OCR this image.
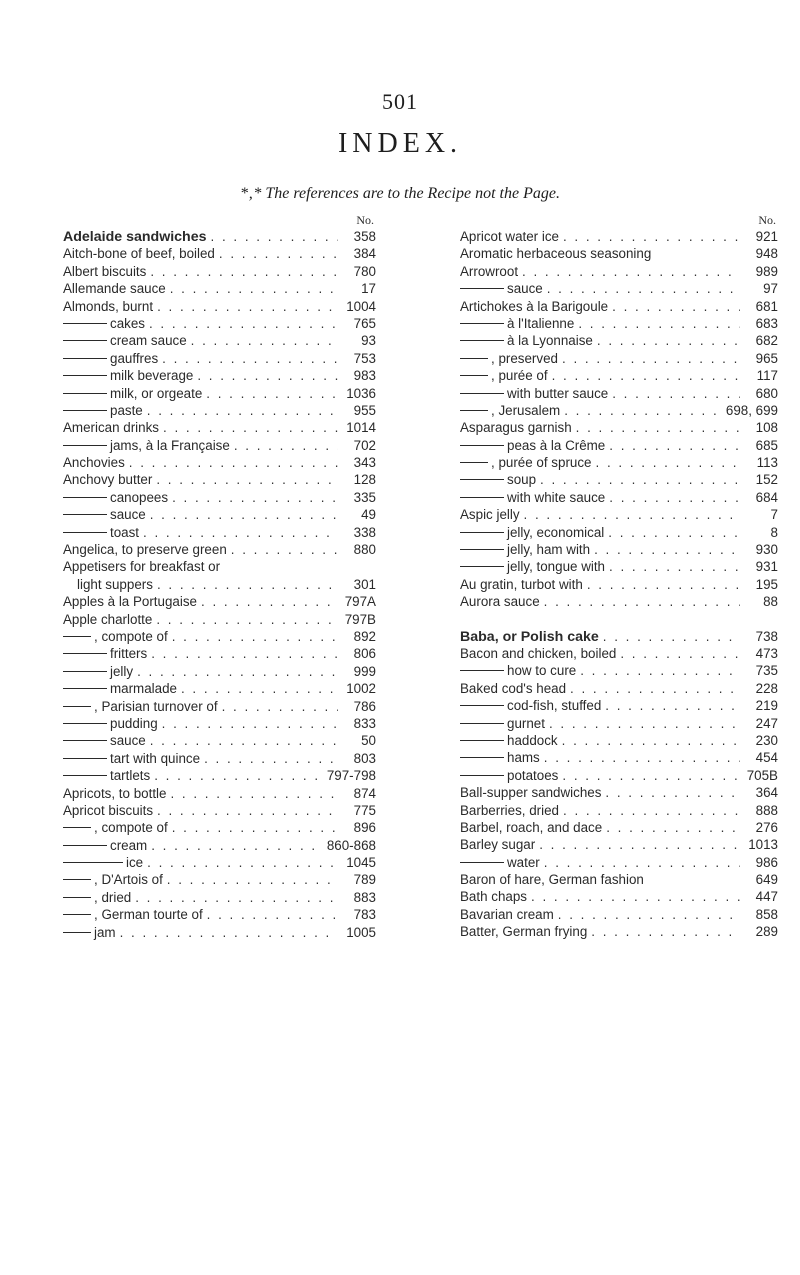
501
INDEX.
*‚* The references are to the Recipe not the Page.
No.
Adelaide sandwiches . . .	358
Aitch-bone of beef, boiled . . .	384
Albert biscuits . . .	780
Allemande sauce . . .	17
Almonds, burnt . . .	1004
cakes . . .	765
cream sauce . . .	93
gauffres . . .	753
milk beverage . . .	983
milk, or orgeate . . .	1036
paste . . .	955
American drinks . . .	1014
jams, à la Française . . .	702
Anchovies . . .	343
Anchovy butter . . .	128
canopees . . .	335
sauce . . .	49
toast . . .	338
Angelica, to preserve green . . .	880
Appetisers for breakfast or
light suppers . . .	301
Apples à la Portugaise . . .	797A
Apple charlotte . . .	797B
, compote of . . .	892
fritters . . .	806
jelly . . .	999
marmalade . . .	1002
, Parisian turnover of . . .	786
pudding . . .	833
sauce . . .	50
tart with quince . . .	803
tartlets . . .	797-798
Apricots, to bottle . . .	874
Apricot biscuits . . .	775
, compote of . . .	896
cream . . .	860-868
ice . . .	1045
, D'Artois of . . .	789
, dried . . .	883
, German tourte of . . .	783
jam . . .	1005
No.
Apricot water ice . . .	921
Aromatic herbaceous seasoning	948
Arrowroot . . .	989
sauce . . .	97
Artichokes à la Barigoule . . .	681
à l'Italienne . . .	683
à la Lyonnaise . . .	682
, preserved . . .	965
, purée of . . .	117
with butter sauce . . .	680
, Jerusalem . . .	698, 699
Asparagus garnish . . .	108
peas à la Crême . . .	685
, purée of spruce . . .	113
soup . . .	152
with white sauce . . .	684
Aspic jelly . . .	7
jelly, economical . . .	8
jelly, ham with . . .	930
jelly, tongue with . . .	931
Au gratin, turbot with . . .	195
Aurora sauce . . .	88
Baba, or Polish cake . . .	738
Bacon and chicken, boiled . . .	473
how to cure . . .	735
Baked cod's head . . .	228
cod-fish, stuffed . . .	219
gurnet . . .	247
haddock . . .	230
hams . . .	454
potatoes . . .	705B
Ball-supper sandwiches . . .	364
Barberries, dried . . .	888
Barbel, roach, and dace . . .	276
Barley sugar . . .	1013
water . . .	986
Baron of hare, German fashion	649
Bath chaps . . .	447
Bavarian cream . . .	858
Batter, German frying . . .	289
